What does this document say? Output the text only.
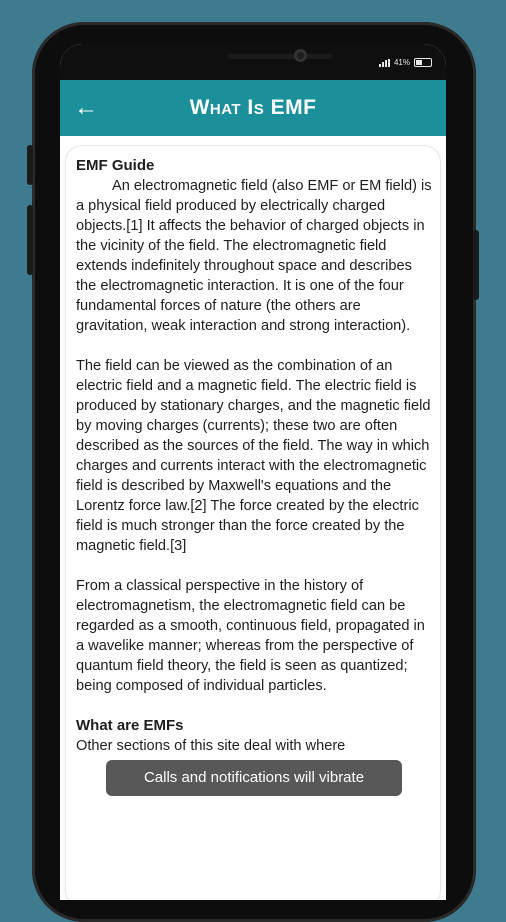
41%
←	What Is EMF
EMF Guide

An electromagnetic field (also EMF or EM field) is a physical field produced by electrically charged objects.[1] It affects the behavior of charged objects in the vicinity of the field. The electromagnetic field extends indefinitely throughout space and describes the electromagnetic interaction. It is one of the four fundamental forces of nature (the others are gravitation, weak interaction and strong interaction).

The field can be viewed as the combination of an electric field and a magnetic field. The electric field is produced by stationary charges, and the magnetic field by moving charges (currents); these two are often described as the sources of the field. The way in which charges and currents interact with the electromagnetic field is described by Maxwell's equations and the Lorentz force law.[2] The force created by the electric field is much stronger than the force created by the magnetic field.[3]

From a classical perspective in the history of electromagnetism, the electromagnetic field can be regarded as a smooth, continuous field, propagated in a wavelike manner; whereas from the perspective of quantum field theory, the field is seen as quantized; being composed of individual particles.

What are EMFs

Other sections of this site deal with where

Calls and notifications will vibrate
